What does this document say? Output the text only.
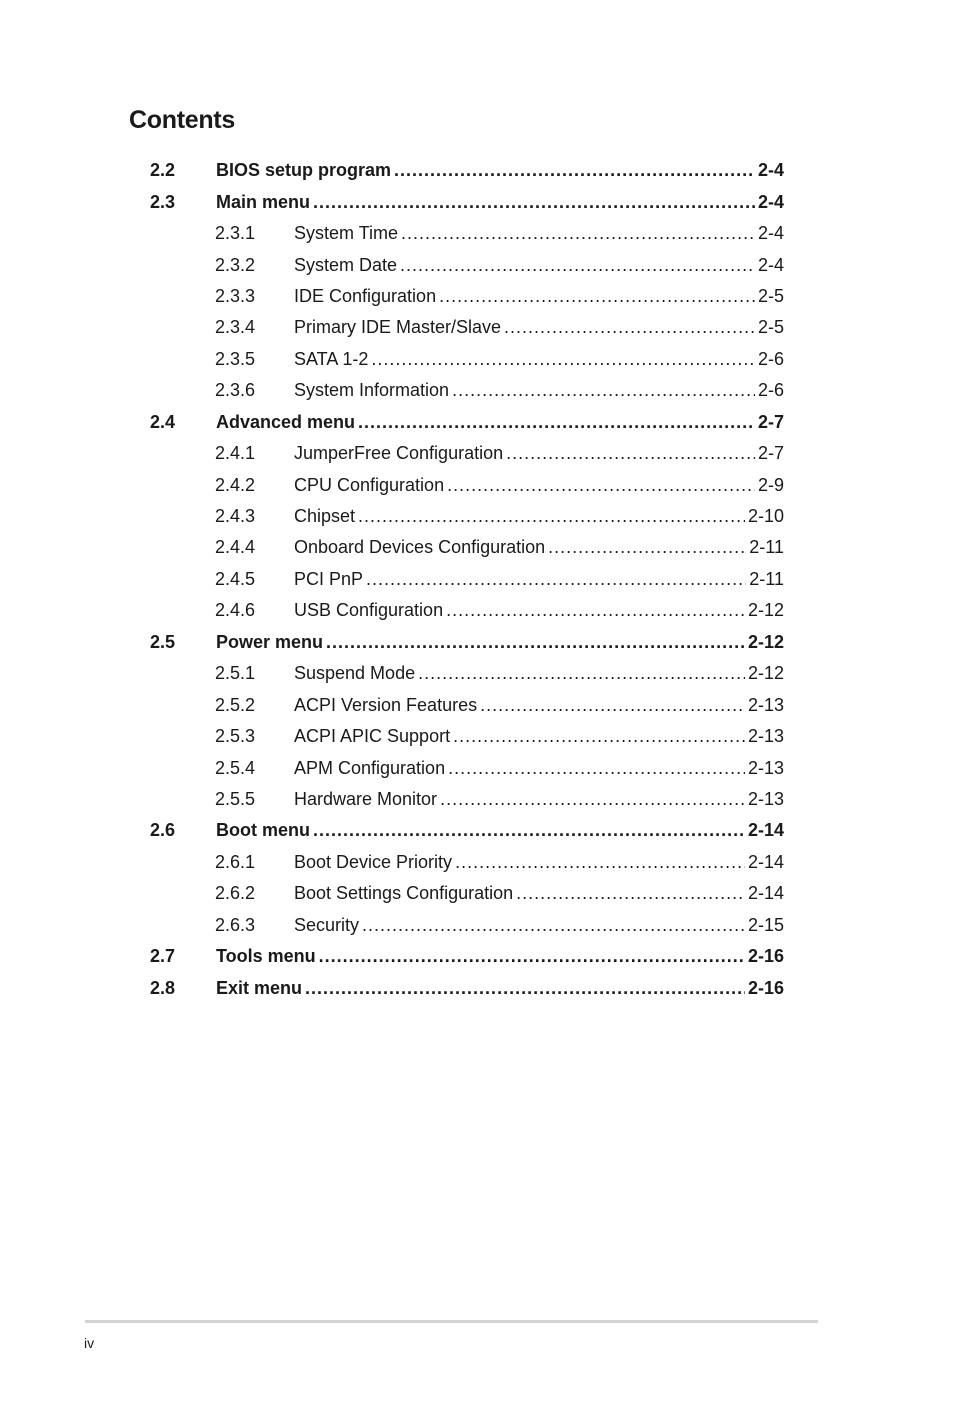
Contents
2.2 BIOS setup program .....	2-4
2.3 Main menu .....	2-4
2.3.1 System Time .....	2-4
2.3.2 System Date .....	2-4
2.3.3 IDE Configuration .....	2-5
2.3.4 Primary IDE Master/Slave .....	2-5
2.3.5 SATA 1-2 .....	2-6
2.3.6 System Information .....	2-6
2.4 Advanced menu .....	2-7
2.4.1 JumperFree Configuration .....	2-7
2.4.2 CPU Configuration .....	2-9
2.4.3 Chipset .....	2-10
2.4.4 Onboard Devices Configuration .....	2-11
2.4.5 PCI PnP .....	2-11
2.4.6 USB Configuration .....	2-12
2.5 Power menu .....	2-12
2.5.1 Suspend Mode .....	2-12
2.5.2 ACPI Version Features .....	2-13
2.5.3 ACPI APIC Support .....	2-13
2.5.4 APM Configuration .....	2-13
2.5.5 Hardware Monitor .....	2-13
2.6 Boot menu .....	2-14
2.6.1 Boot Device Priority .....	2-14
2.6.2 Boot Settings Configuration .....	2-14
2.6.3 Security .....	2-15
2.7 Tools menu .....	2-16
2.8 Exit menu .....	2-16
iv
